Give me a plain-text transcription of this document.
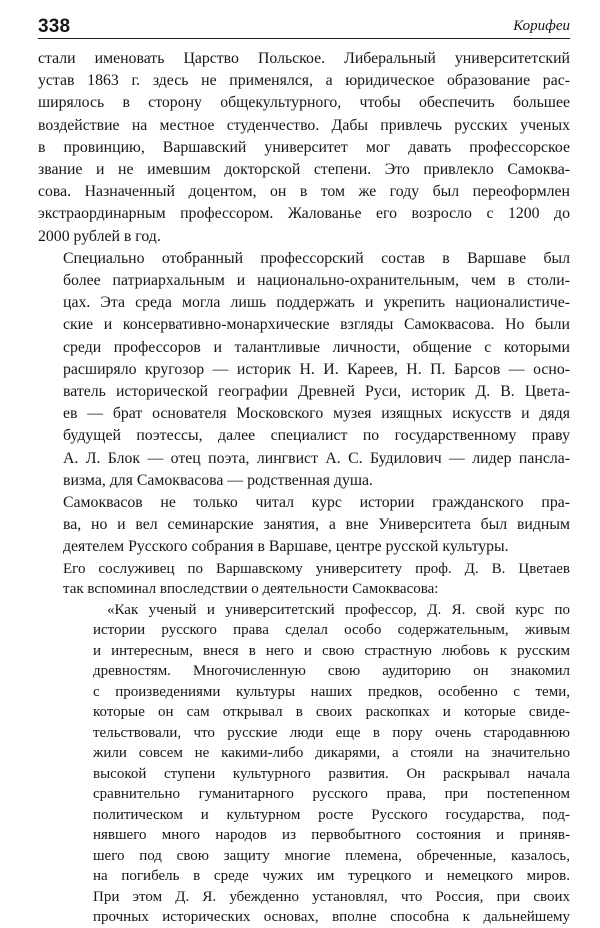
338	Корифеи

стали именовать Царство Польское. Либеральный университетский
устав 1863 г. здесь не применялся, а юридическое образование рас-
ширялось в сторону общекультурного, чтобы обеспечить большее
воздействие на местное студенчество. Дабы привлечь русских ученых
в провинцию, Варшавский университет мог давать профессорское
звание и не имевшим докторской степени. Это привлекло Самоква-
сова. Назначенный доцентом, он в том же году был переоформлен
экстраординарным профессором. Жалованье его возросло с 1200 до
2000 рублей в год.

Специально отобранный профессорский состав в Варшаве был
более патриархальным и национально-охранительным, чем в столи-
цах. Эта среда могла лишь поддержать и укрепить националистиче-
ские и консервативно-монархические взгляды Самоквасова. Но были
среди профессоров и талантливые личности, общение с которыми
расширяло кругозор — историк Н. И. Кареев, Н. П. Барсов — осно-
ватель исторической географии Древней Руси, историк Д. В. Цвета-
ев — брат основателя Московского музея изящных искусств и дядя
будущей поэтессы, далее специалист по государственному праву
А. Л. Блок — отец поэта, лингвист А. С. Будилович — лидер пансла-
визма, для Самоквасова — родственная душа.

Самоквасов не только читал курс истории гражданского пра-
ва, но и вел семинарские занятия, а вне Университета был видным
деятелем Русского собрания в Варшаве, центре русской культуры.

Его сослуживец по Варшавскому университету проф. Д. В. Цветаев
так вспоминал впоследствии о деятельности Самоквасова:

«Как ученый и университетский профессор, Д. Я. свой курс по
истории русского права сделал особо содержательным, живым
и интересным, внеся в него и свою страстную любовь к русским
древностям. Многочисленную свою аудиторию он знакомил
с произведениями культуры наших предков, особенно с теми,
которые он сам открывал в своих раскопках и которые свиде-
тельствовали, что русские люди еще в пору очень стародавнюю
жили совсем не какими-либо дикарями, а стояли на значительно
высокой ступени культурного развития. Он раскрывал начала
сравнительно гуманитарного русского права, при постепенном
политическом и культурном росте Русского государства, под-
нявшего много народов из первобытного состояния и приняв-
шего под свою защиту многие племена, обреченные, казалось,
на погибель в среде чужих им турецкого и немецкого миров.
При этом Д. Я. убежденно установлял, что Россия, при своих
прочных исторических основах, вполне способна к дальнейшему
